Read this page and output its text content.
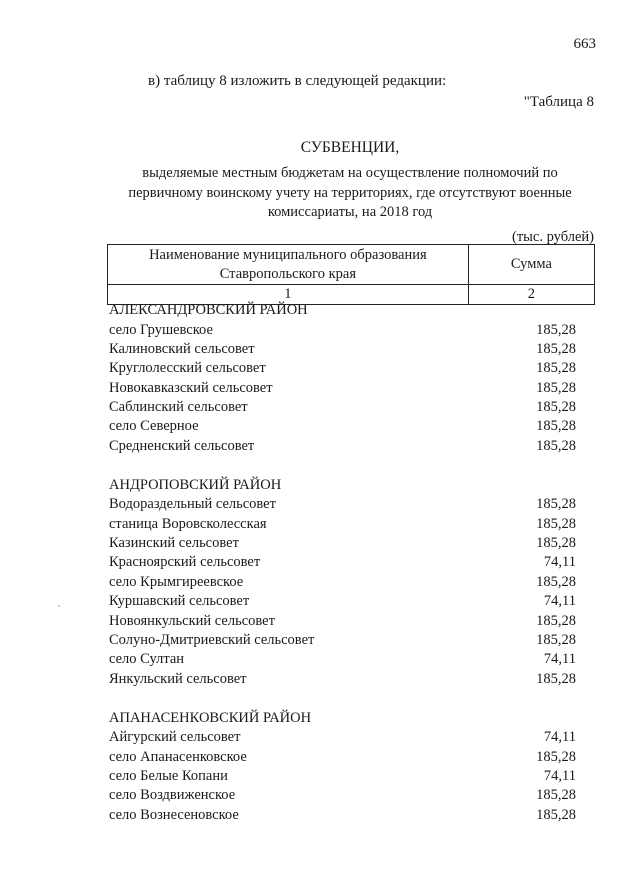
663
в) таблицу 8 изложить в следующей редакции:
"Таблица 8
СУБВЕНЦИИ,
выделяемые местным бюджетам на осуществление полномочий по
первичному воинскому учету на территориях, где отсутствуют военные
комиссариаты, на 2018 год
(тыс. рублей)
Наименование муниципального образования
Ставропольского края	Сумма
1	2
АЛЕКСАНДРОВСКИЙ РАЙОН
село Грушевское	185,28
Калиновский сельсовет	185,28
Круглолесский сельсовет	185,28
Новокавказский сельсовет	185,28
Саблинский сельсовет	185,28
село Северное	185,28
Средненский сельсовет	185,28
АНДРОПОВСКИЙ РАЙОН
Водораздельный сельсовет	185,28
станица Воровсколесская	185,28
Казинский сельсовет	185,28
Красноярский сельсовет	74,11
село Крымгиреевское	185,28
Куршавский сельсовет	74,11
Новоянкульский сельсовет	185,28
Солуно-Дмитриевский сельсовет	185,28
село Султан	74,11
Янкульский сельсовет	185,28
АПАНАСЕНКОВСКИЙ РАЙОН
Айгурский сельсовет	74,11
село Апанасенковское	185,28
село Белые Копани	74,11
село Воздвиженское	185,28
село Вознесеновское	185,28
